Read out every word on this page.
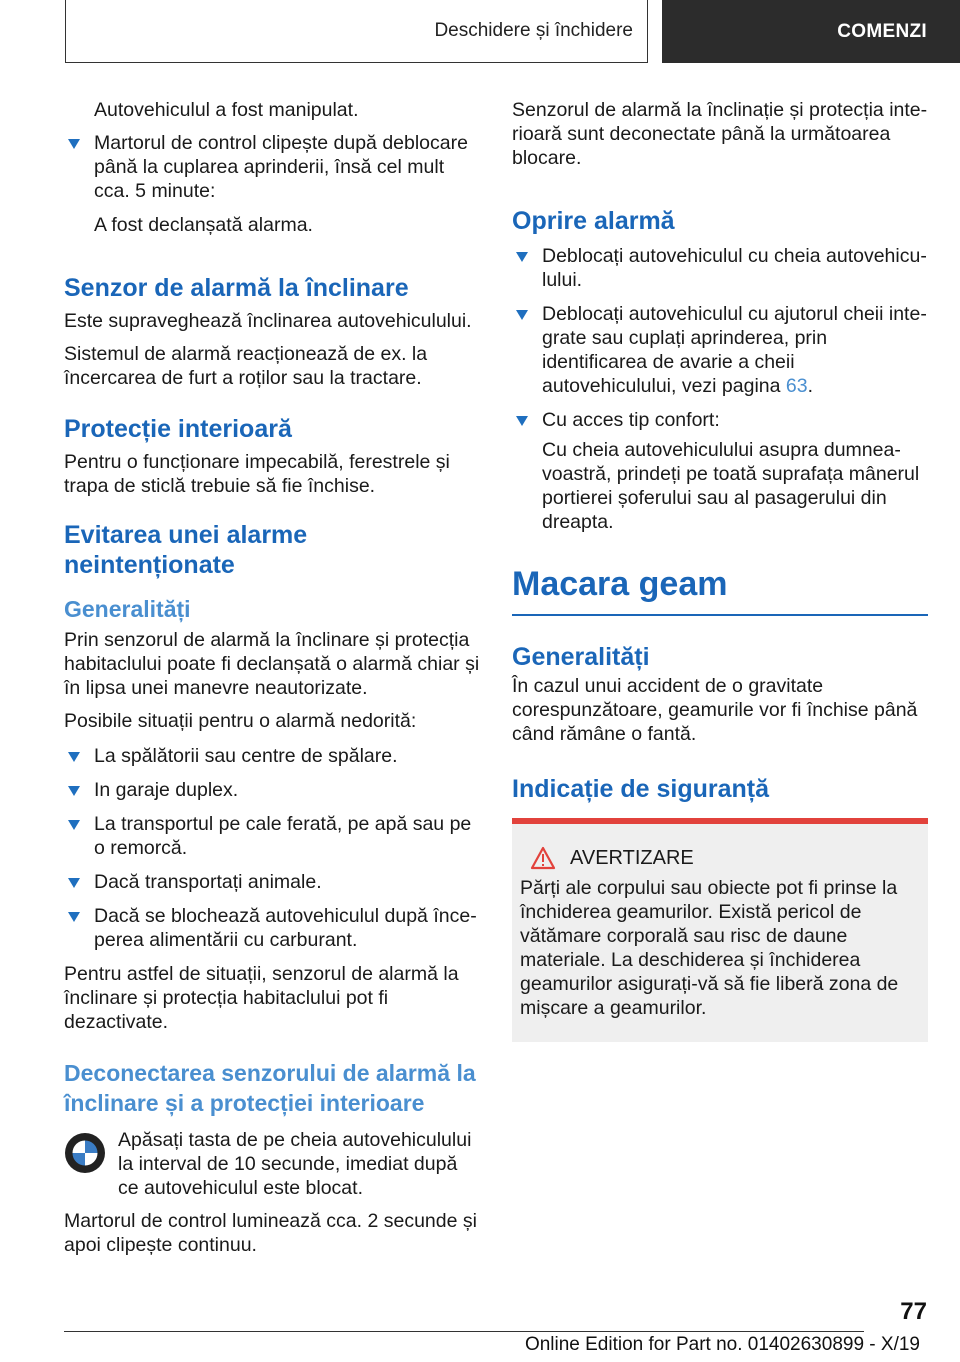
Deschidere și închidere	COMENZI

Autovehiculul a fost manipulat.

Martorul de control clipește după deblocare până la cuplarea aprinderii, însă cel mult cca. 5 minute:

A fost declanșată alarma.

Senzor de alarmă la înclinare

Este supraveghează înclinarea autovehiculului.

Sistemul de alarmă reacționează de ex. la încercarea de furt a roților sau la tractare.

Protecție interioară

Pentru o funcționare impecabilă, ferestrele și trapa de sticlă trebuie să fie închise.

Evitarea unei alarme neintenționate
Generalități

Prin senzorul de alarmă la înclinare și protecția habitaclului poate fi declanșată o alarmă chiar și în lipsa unei manevre neautorizate.

Posibile situații pentru o alarmă nedorită:

La spălătorii sau centre de spălare.
In garaje duplex.
La transportul pe cale ferată, pe apă sau pe o remorcă.
Dacă transportați animale.
Dacă se blochează autovehiculul după începerea alimentării cu carburant.

Pentru astfel de situații, senzorul de alarmă la înclinare și protecția habitaclului pot fi dezactivate.

Deconectarea senzorului de alarmă la înclinare și a protecției interioare

Apăsați tasta de pe cheia autovehiculului la interval de 10 secunde, imediat după ce autovehiculul este blocat.

Martorul de control luminează cca. 2 secunde și apoi clipește continuu.

Senzorul de alarmă la înclinație și protecția interioară sunt deconectate până la următoarea blocare.

Oprire alarmă
Deblocați autovehiculul cu cheia autovehiculului.
Deblocați autovehiculul cu ajutorul cheii integrate sau cuplați aprinderea, prin identificarea de avarie a cheii autovehiculului, vezi pagina 63.
Cu acces tip confort:

Cu cheia autovehiculului asupra dumneavoastră, prindeți pe toată suprafața mânerul portierei șoferului sau al pasagerului din dreapta.

Macara geam
Generalități

În cazul unui accident de o gravitate corespunzătoare, geamurile vor fi închise până când rămâne o fantă.

Indicație de siguranță
AVERTIZARE

Părți ale corpului sau obiecte pot fi prinse la închiderea geamurilor. Există pericol de vătămare corporală sau risc de daune materiale. La deschiderea și închiderea geamurilor asigurați-vă să fie liberă zona de mișcare a geamurilor.

77
Online Edition for Part no. 01402630899 - X/19
